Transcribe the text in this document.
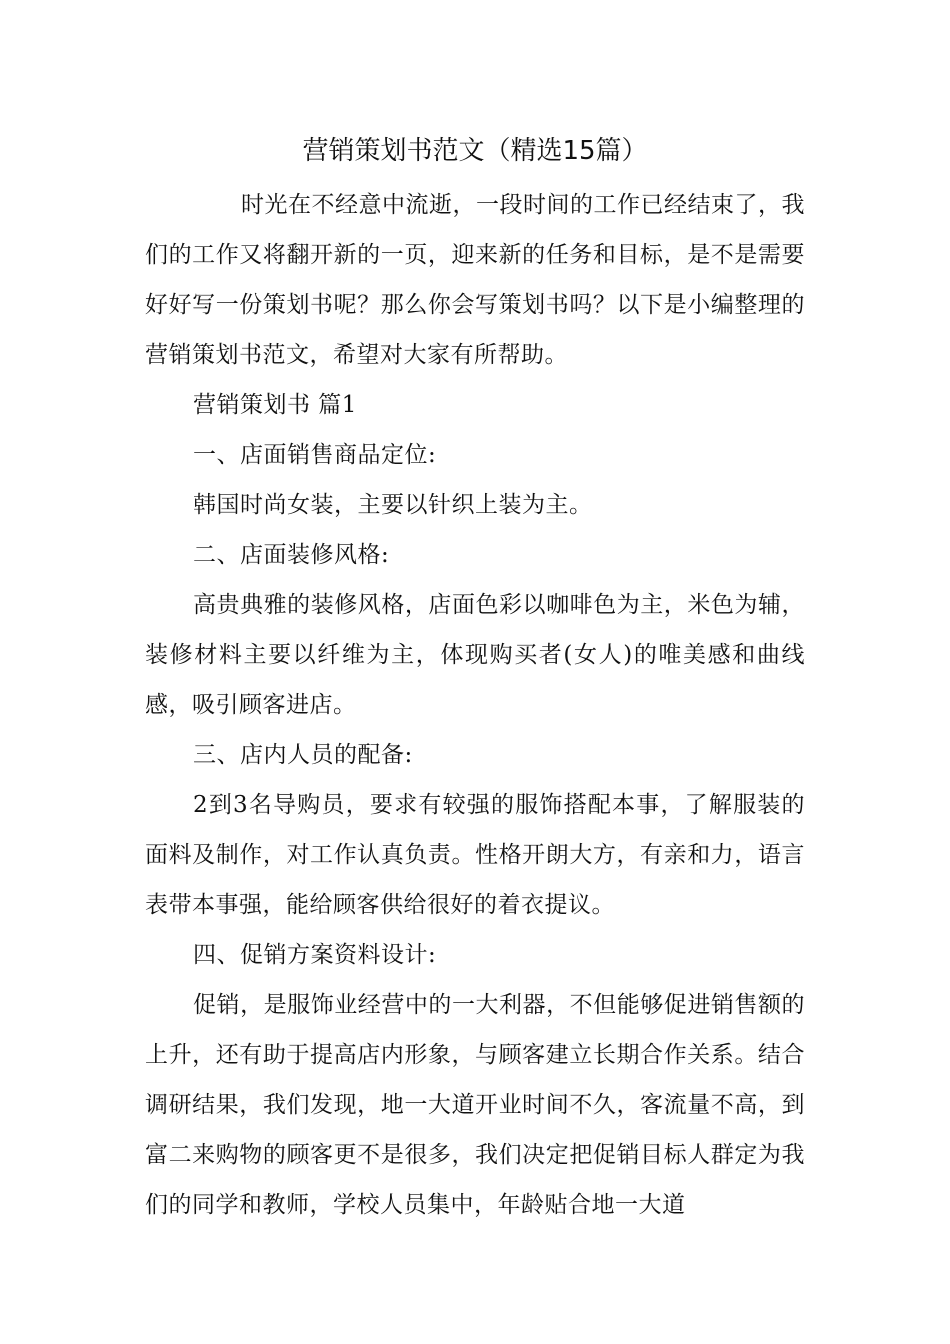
营销策划书范文（精选15篇）

时光在不经意中流逝，一段时间的工作已经结束了，我们的工作又将翻开新的一页，迎来新的任务和目标，是不是需要好好写一份策划书呢？那么你会写策划书吗？以下是小编整理的营销策划书范文，希望对大家有所帮助。

营销策划书 篇1

一、店面销售商品定位:

韩国时尚女装，主要以针织上装为主。

二、店面装修风格:

高贵典雅的装修风格，店面色彩以咖啡色为主，米色为辅，装修材料主要以纤维为主，体现购买者(女人)的唯美感和曲线感，吸引顾客进店。

三、店内人员的配备:

2到3名导购员，要求有较强的服饰搭配本事，了解服装的面料及制作，对工作认真负责。性格开朗大方，有亲和力，语言表带本事强，能给顾客供给很好的着衣提议。

四、促销方案资料设计:

促销，是服饰业经营中的一大利器，不但能够促进销售额的上升，还有助于提高店内形象，与顾客建立长期合作关系。结合调研结果，我们发现，地一大道开业时间不久，客流量不高，到富二来购物的顾客更不是很多，我们决定把促销目标人群定为我们的同学和教师，学校人员集中，年龄贴合地一大道
